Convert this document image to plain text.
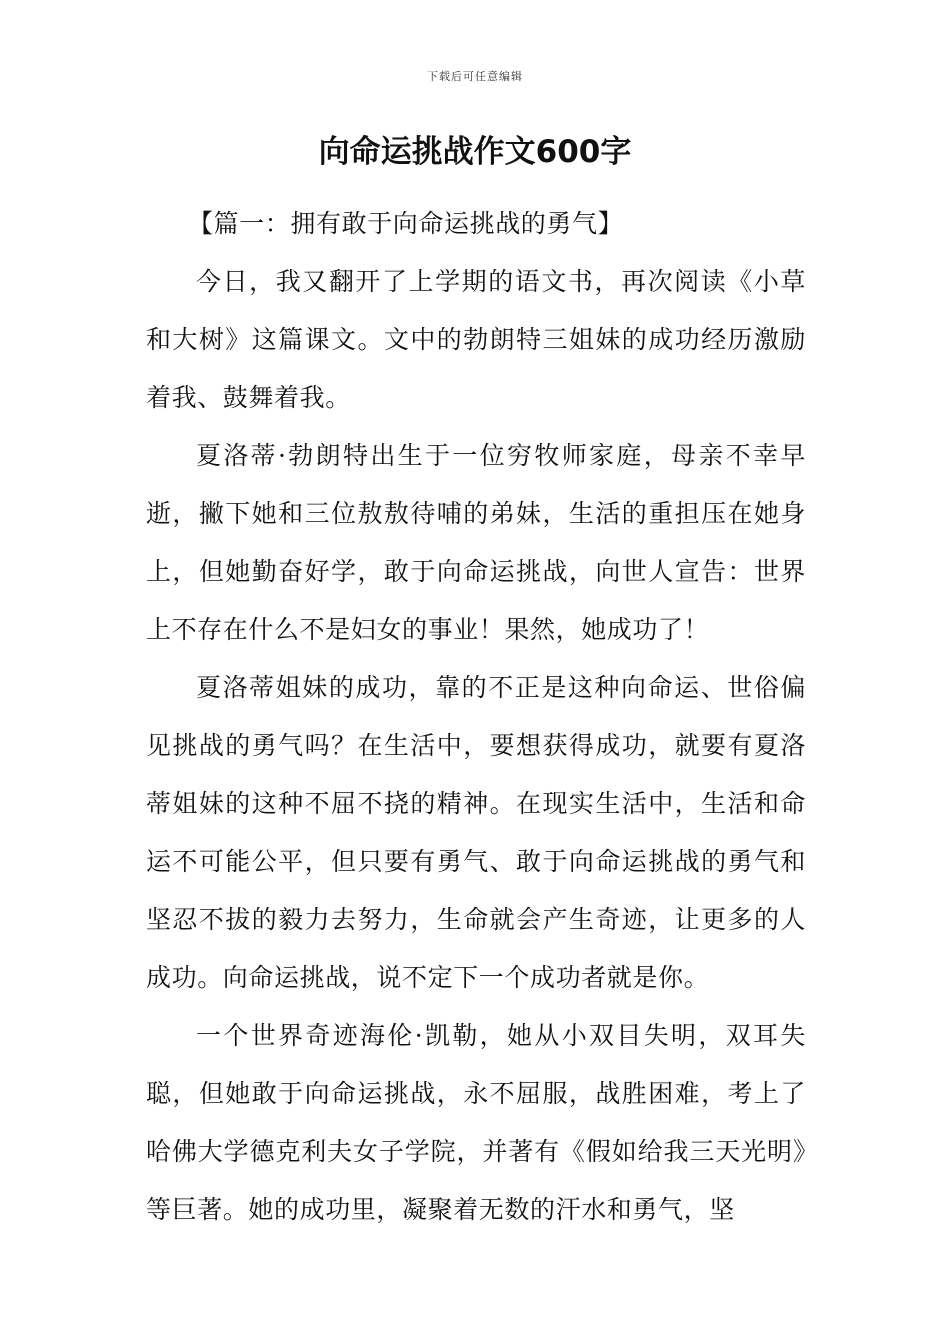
下载后可任意编辑
向命运挑战作文600字
【篇一：拥有敢于向命运挑战的勇气】

今日，我又翻开了上学期的语文书，再次阅读《小草和大树》这篇课文。文中的勃朗特三姐妹的成功经历激励着我、鼓舞着我。

夏洛蒂·勃朗特出生于一位穷牧师家庭，母亲不幸早逝，撇下她和三位敖敖待哺的弟妹，生活的重担压在她身上，但她勤奋好学，敢于向命运挑战，向世人宣告：世界上不存在什么不是妇女的事业！果然，她成功了！

夏洛蒂姐妹的成功，靠的不正是这种向命运、世俗偏见挑战的勇气吗？在生活中，要想获得成功，就要有夏洛蒂姐妹的这种不屈不挠的精神。在现实生活中，生活和命运不可能公平，但只要有勇气、敢于向命运挑战的勇气和坚忍不拔的毅力去努力，生命就会产生奇迹，让更多的人成功。向命运挑战，说不定下一个成功者就是你。

一个世界奇迹海伦·凯勒，她从小双目失明，双耳失聪，但她敢于向命运挑战，永不屈服，战胜困难，考上了哈佛大学德克利夫女子学院，并著有《假如给我三天光明》等巨著。她的成功里，凝聚着无数的汗水和勇气，坚
